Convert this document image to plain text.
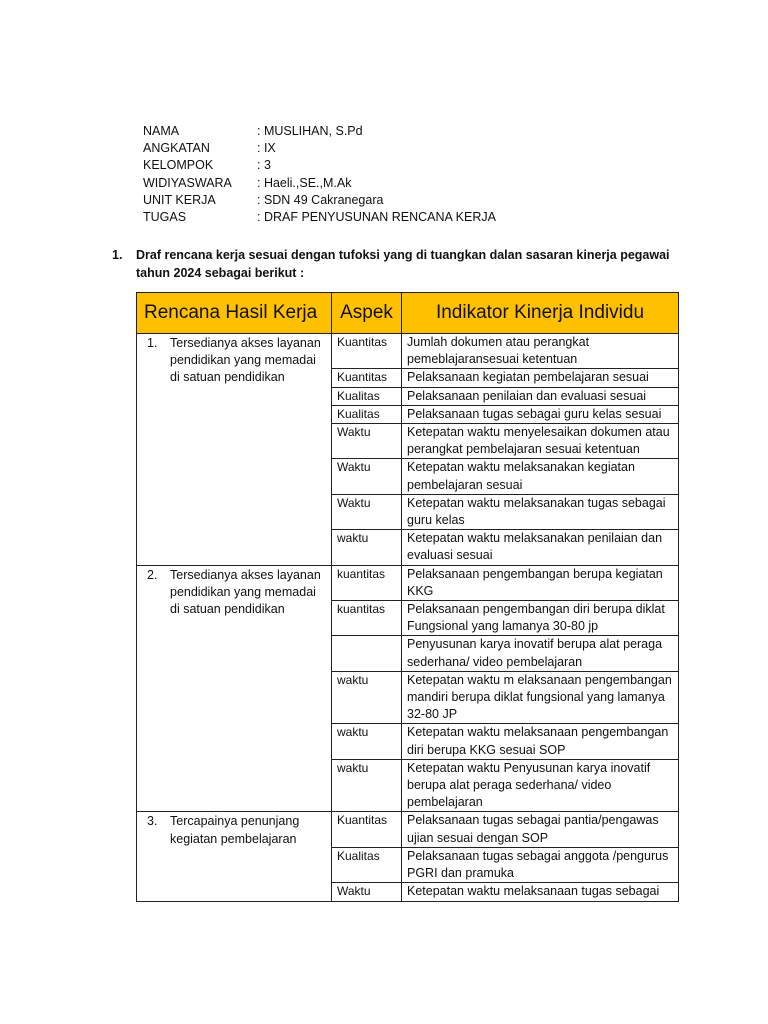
NAMA	: MUSLIHAN, S.Pd
ANGKATAN	: IX
KELOMPOK	: 3
WIDIYASWARA	: Haeli.,SE.,M.Ak
UNIT KERJA	: SDN 49 Cakranegara
TUGAS	: DRAF PENYUSUNAN RENCANA KERJA
1.	Draf rencana kerja sesuai dengan tufoksi yang di tuangkan dalan sasaran kinerja pegawai
tahun 2024 sebagai berikut :
Rencana Hasil Kerja	Aspek	Indikator Kinerja Individu

1. Tersedianya akses layanan pendidikan yang memadai di satuan pendidikan	Kuantitas	Jumlah dokumen atau perangkat pemeblajaransesuai ketentuan
	Kuantitas	Pelaksanaan kegiatan pembelajaran sesuai
	Kualitas	Pelaksanaan penilaian dan evaluasi sesuai
	Kualitas	Pelaksanaan tugas sebagai guru kelas sesuai
	Waktu	Ketepatan waktu menyelesaikan dokumen atau perangkat pembelajaran sesuai ketentuan
	Waktu	Ketepatan waktu melaksanakan kegiatan pembelajaran sesuai
	Waktu	Ketepatan waktu melaksanakan tugas sebagai guru kelas
	waktu	Ketepatan waktu melaksanakan penilaian dan evaluasi sesuai

2. Tersedianya akses layanan pendidikan yang memadai di satuan pendidikan	kuantitas	Pelaksanaan pengembangan berupa kegiatan KKG
	kuantitas	Pelaksanaan pengembangan diri berupa diklat Fungsional yang lamanya 30-80 jp
		Penyusunan karya inovatif berupa alat peraga sederhana/ video pembelajaran
	waktu	Ketepatan waktu m elaksanaan pengembangan mandiri berupa diklat fungsional yang lamanya 32-80 JP
	waktu	Ketepatan waktu melaksanaan pengembangan diri berupa KKG sesuai SOP
	waktu	Ketepatan waktu Penyusunan karya inovatif berupa alat peraga sederhana/ video pembelajaran

3. Tercapainya penunjang kegiatan pembelajaran	Kuantitas	Pelaksanaan tugas sebagai pantia/pengawas ujian sesuai dengan SOP
	Kualitas	Pelaksanaan tugas sebagai anggota /pengurus PGRI dan pramuka
	Waktu	Ketepatan waktu melaksanaan tugas sebagai
